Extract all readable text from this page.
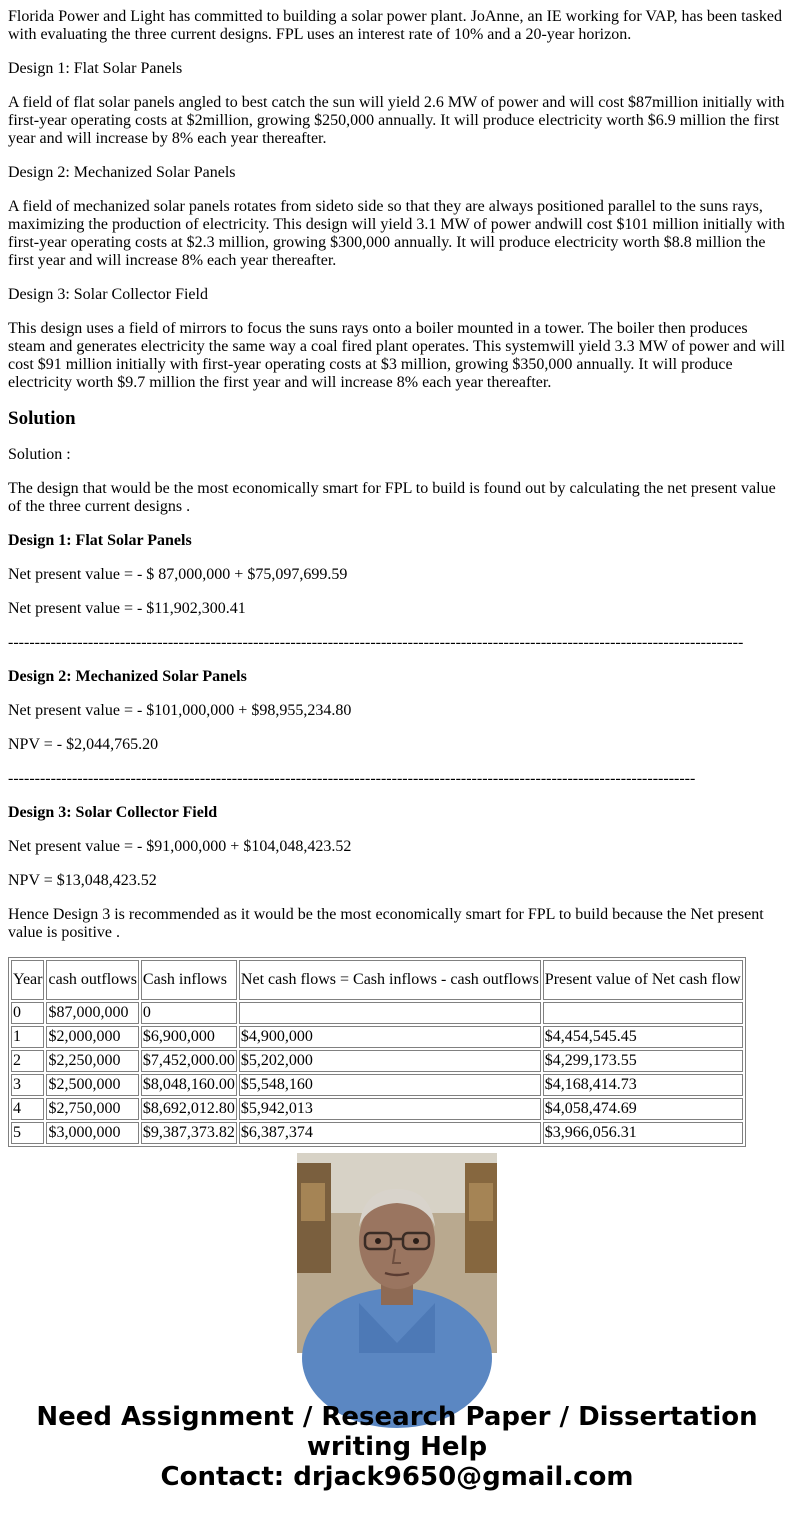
Florida Power and Light has committed to building a solar power plant. JoAnne, an IE working for VAP, has been tasked with evaluating the three current designs. FPL uses an interest rate of 10% and a 20-year horizon.

Design 1: Flat Solar Panels

A field of flat solar panels angled to best catch the sun will yield 2.6 MW of power and will cost $87million initially with first-year operating costs at $2million, growing $250,000 annually. It will produce electricity worth $6.9 million the first year and will increase by 8% each year thereafter.

Design 2: Mechanized Solar Panels

A field of mechanized solar panels rotates from sideto side so that they are always positioned parallel to the suns rays, maximizing the production of electricity. This design will yield 3.1 MW of power andwill cost $101 million initially with first-year operating costs at $2.3 million, growing $300,000 annually. It will produce electricity worth $8.8 million the first year and will increase 8% each year thereafter.

Design 3: Solar Collector Field

This design uses a field of mirrors to focus the suns rays onto a boiler mounted in a tower. The boiler then produces steam and generates electricity the same way a coal fired plant operates. This systemwill yield 3.3 MW of power and will cost $91 million initially with first-year operating costs at $3 million, growing $350,000 annually. It will produce electricity worth $9.7 million the first year and will increase 8% each year thereafter.

Solution

Solution :

The design that would be the most economically smart for FPL to build is found out by calculating the net present value of the three current designs .

Design 1: Flat Solar Panels

Net present value = - $ 87,000,000 + $75,097,699.59

Net present value = - $11,902,300.41

------------------------------------------------------------------------------------------------------------------------------------------

Design 2: Mechanized Solar Panels

Net present value = - $101,000,000 + $98,955,234.80

NPV = - $2,044,765.20

---------------------------------------------------------------------------------------------------------------------------------

Design 3: Solar Collector Field

Net present value = - $91,000,000 + $104,048,423.52

NPV = $13,048,423.52

Hence Design 3 is recommended as it would be the most economically smart for FPL to build because the Net present value is positive .

Year	cash outflows	Cash inflows	Net cash flows = Cash inflows - cash outflows	Present value of Net cash flow
0	$87,000,000	0		
1	$2,000,000	$6,900,000	$4,900,000	$4,454,545.45
2	$2,250,000	$7,452,000.00	$5,202,000	$4,299,173.55
3	$2,500,000	$8,048,160.00	$5,548,160	$4,168,414.73
4	$2,750,000	$8,692,012.80	$5,942,013	$4,058,474.69
5	$3,000,000	$9,387,373.82	$6,387,374	$3,966,056.31
Need Assignment / Research Paper / Dissertation
writing Help
Contact: drjack9650@gmail.com
